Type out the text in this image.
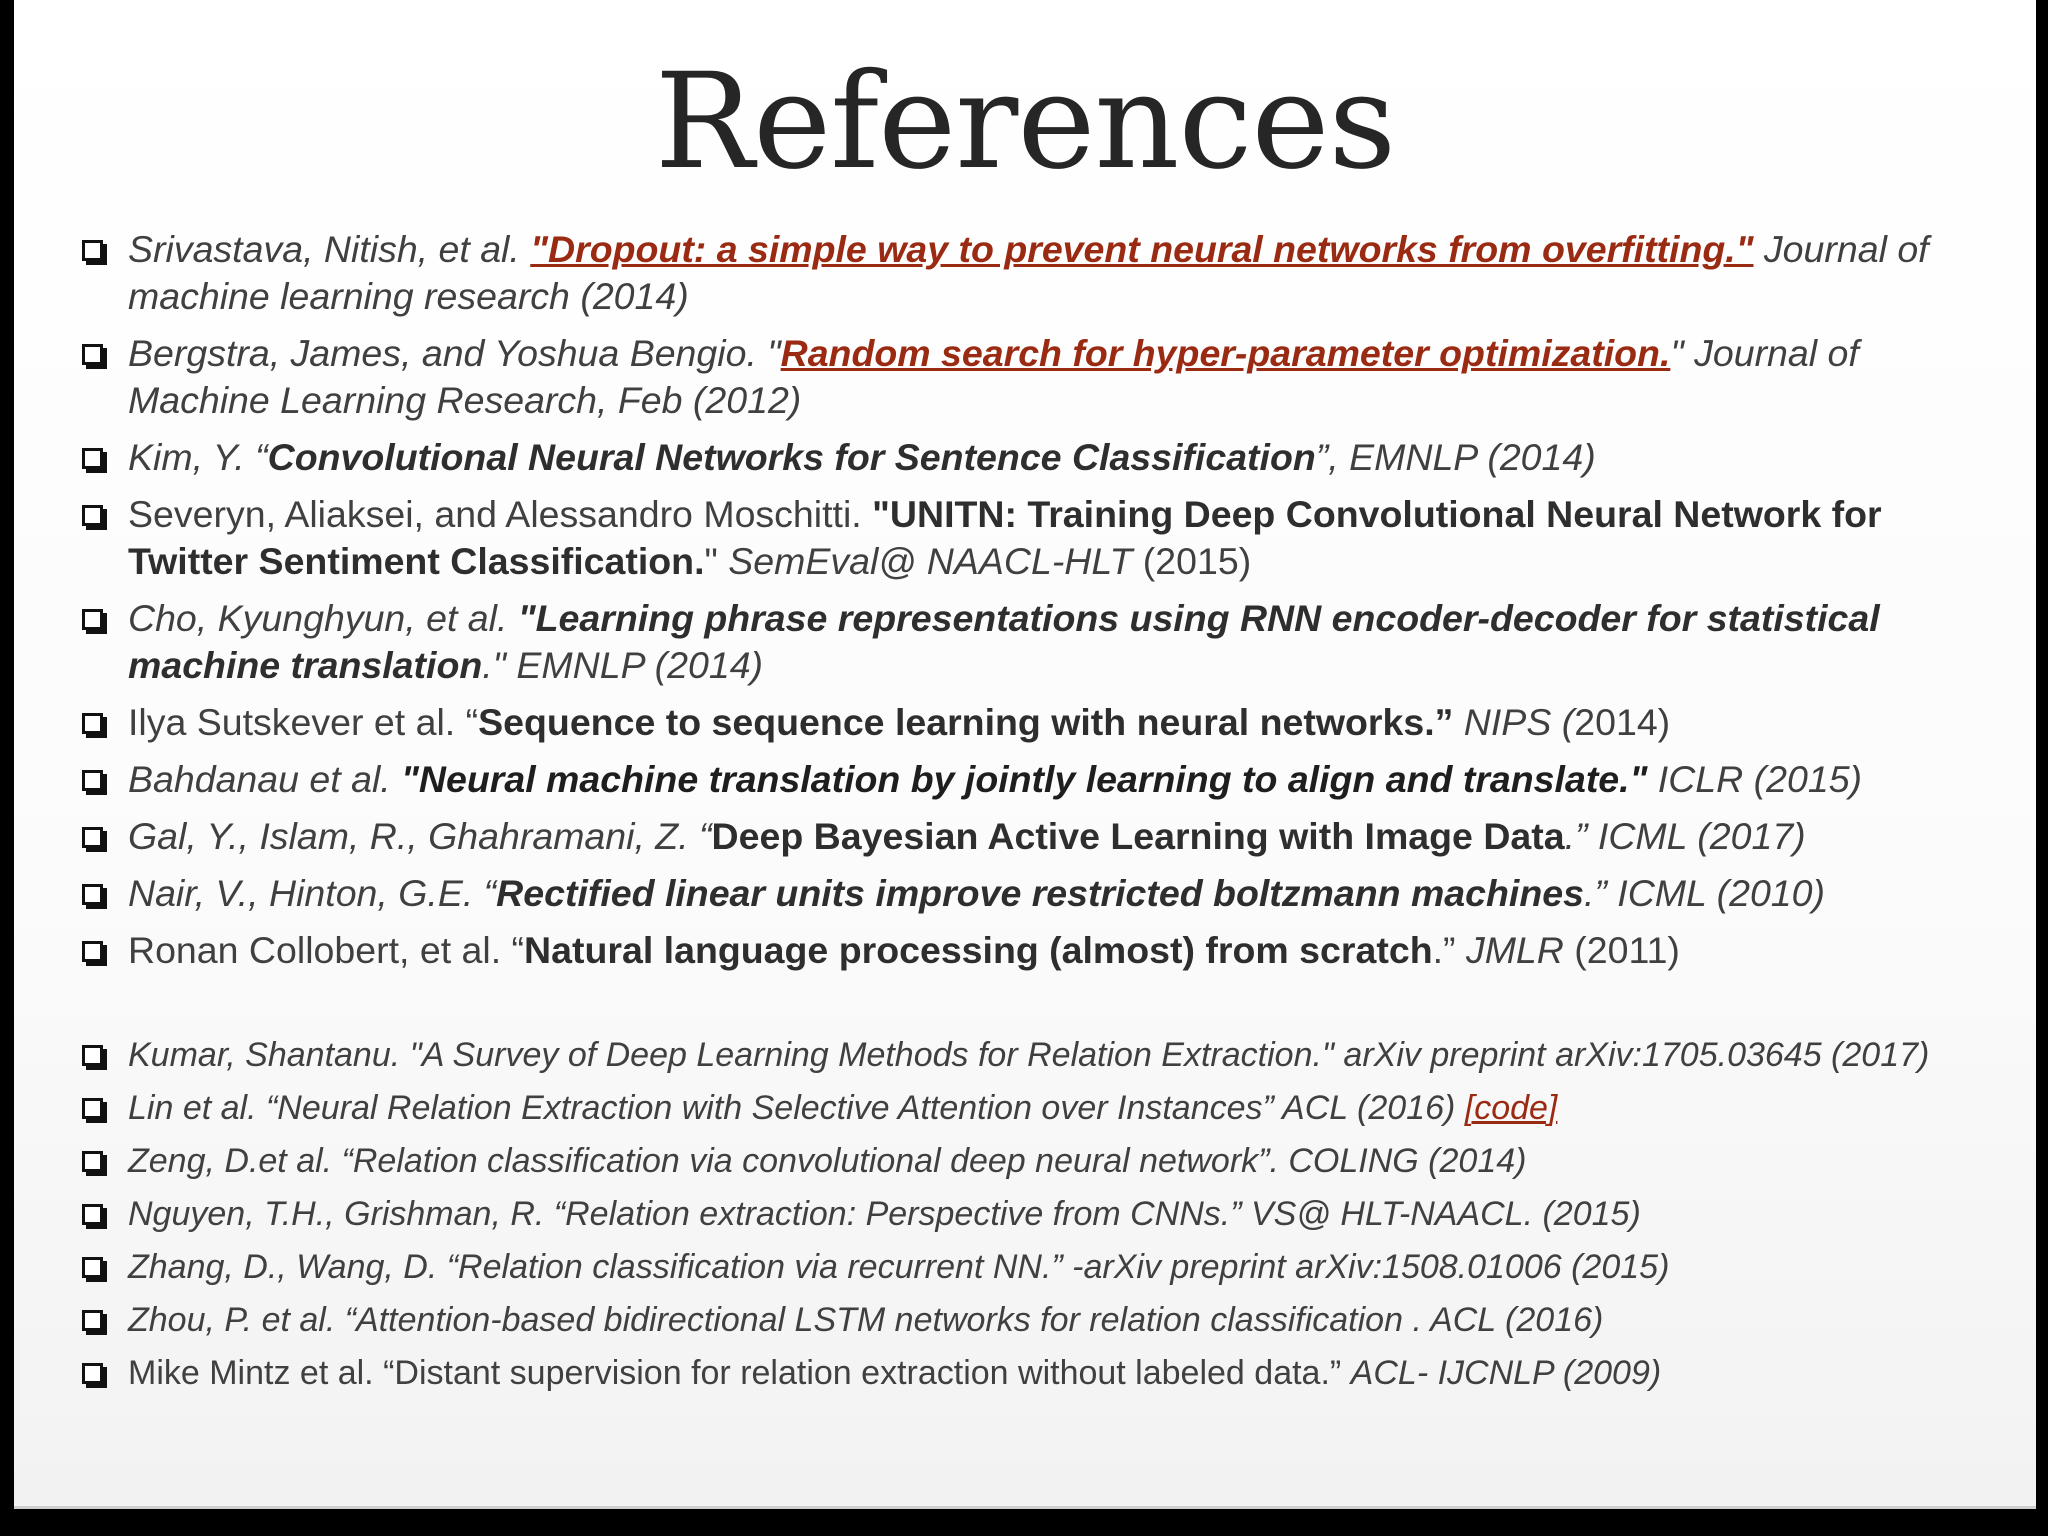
References
Srivastava, Nitish, et al. "Dropout: a simple way to prevent neural networks from overfitting." Journal of machine learning research (2014)
Bergstra, James, and Yoshua Bengio. "Random search for hyper-parameter optimization." Journal of Machine Learning Research, Feb (2012)
Kim, Y. “Convolutional Neural Networks for Sentence Classification”, EMNLP (2014)
Severyn, Aliaksei, and Alessandro Moschitti. "UNITN: Training Deep Convolutional Neural Network for Twitter Sentiment Classification." SemEval@ NAACL-HLT (2015)
Cho, Kyunghyun, et al. "Learning phrase representations using RNN encoder-decoder for statistical machine translation." EMNLP (2014)
Ilya Sutskever et al. “Sequence to sequence learning with neural networks.” NIPS (2014)
Bahdanau et al. "Neural machine translation by jointly learning to align and translate." ICLR (2015)
Gal, Y., Islam, R., Ghahramani, Z. “Deep Bayesian Active Learning with Image Data.” ICML (2017)
Nair, V., Hinton, G.E. “Rectified linear units improve restricted boltzmann machines.” ICML (2010)
Ronan Collobert, et al. “Natural language processing (almost) from scratch.” JMLR (2011)
Kumar, Shantanu. "A Survey of Deep Learning Methods for Relation Extraction." arXiv preprint arXiv:1705.03645 (2017)
Lin et al. “Neural Relation Extraction with Selective Attention over Instances” ACL (2016) [code]
Zeng, D.et al. “Relation classification via convolutional deep neural network”. COLING (2014)
Nguyen, T.H., Grishman, R. “Relation extraction: Perspective from CNNs.” VS@ HLT-NAACL. (2015)
Zhang, D., Wang, D. “Relation classification via recurrent NN.” -arXiv preprint arXiv:1508.01006 (2015)
Zhou, P. et al. “Attention-based bidirectional LSTM networks for relation classification . ACL (2016)
Mike Mintz et al. “Distant supervision for relation extraction without labeled data.” ACL- IJCNLP (2009)
